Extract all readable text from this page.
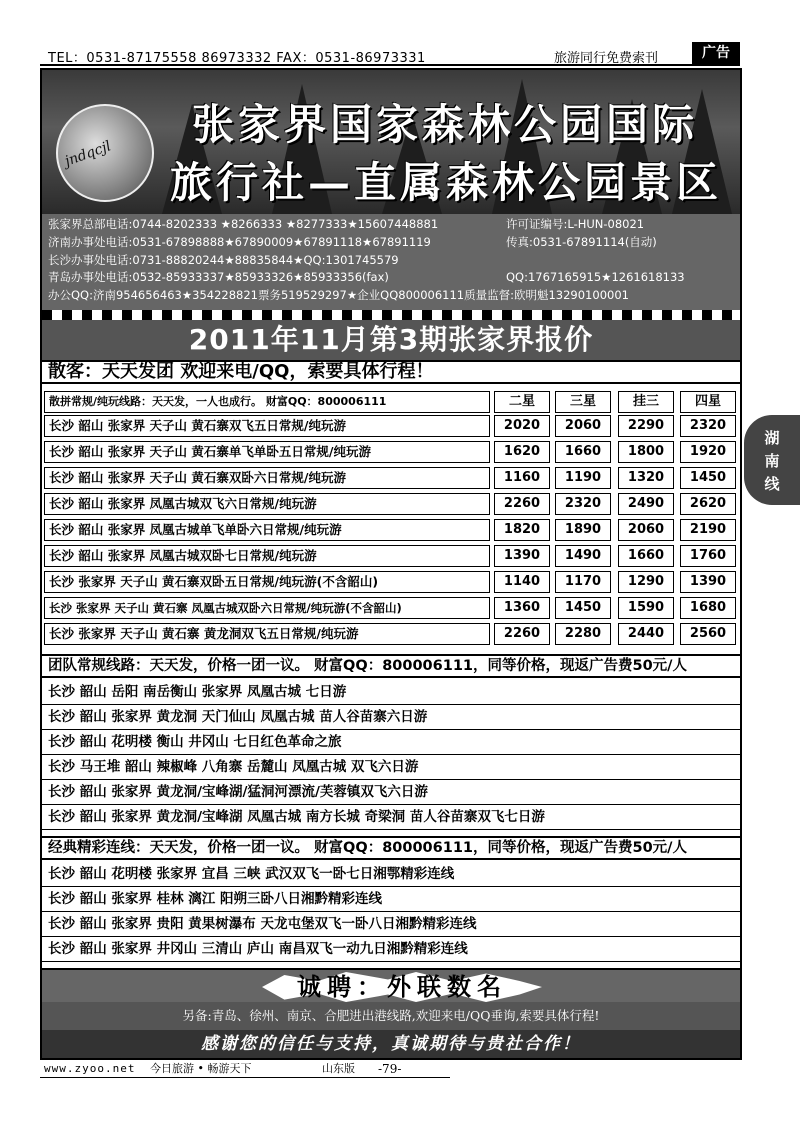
TEL：0531-87175558 86973332 FAX：0531-86973331	旅游同行免费索刊	广告
jndqcjl
张家界国家森林公园国际
旅行社—直属森林公园景区
张家界总部电话:0744-8202333 ★8266333 ★8277333★15607448881	许可证编号:L-HUN-08021
济南办事处电话:0531-67898888★67890009★67891118★67891119	传真:0531-67891114(自动)
长沙办事处电话:0731-88820244★88835844★QQ:1301745579
青岛办事处电话:0532-85933337★85933326★85933356(fax)	QQ:1767165915★1261618133
办公QQ:济南954656463★354228821票务519529297★企业QQ800006111质量监督:欧明魁13290100001
2011年11月第3期张家界报价
散客：天天发团 欢迎来电/QQ，索要具体行程！
散拼常规/纯玩线路：天天发，一人也成行。 财富QQ：800006111	二星	三星	挂三	四星
长沙 韶山 张家界 天子山 黄石寨双飞五日常规/纯玩游	2020	2060	2290	2320
长沙 韶山 张家界 天子山 黄石寨单飞单卧五日常规/纯玩游	1620	1660	1800	1920
长沙 韶山 张家界 天子山 黄石寨双卧六日常规/纯玩游	1160	1190	1320	1450
长沙 韶山 张家界 凤凰古城双飞六日常规/纯玩游	2260	2320	2490	2620
长沙 韶山 张家界 凤凰古城单飞单卧六日常规/纯玩游	1820	1890	2060	2190
长沙 韶山 张家界 凤凰古城双卧七日常规/纯玩游	1390	1490	1660	1760
长沙 张家界 天子山 黄石寨双卧五日常规/纯玩游(不含韶山)	1140	1170	1290	1390
长沙 张家界 天子山 黄石寨 凤凰古城双卧六日常规/纯玩游(不含韶山)	1360	1450	1590	1680
长沙 张家界 天子山 黄石寨 黄龙洞双飞五日常规/纯玩游	2260	2280	2440	2560
团队常规线路：天天发，价格一团一议。 财富QQ：800006111，同等价格，现返广告费50元/人
长沙 韶山 岳阳 南岳衡山 张家界 凤凰古城 七日游
长沙 韶山 张家界 黄龙洞 天门仙山 凤凰古城 苗人谷苗寨六日游
长沙 韶山 花明楼 衡山 井冈山 七日红色革命之旅
长沙 马王堆 韶山 辣椒峰 八角寨 岳麓山 凤凰古城 双飞六日游
长沙 韶山 张家界 黄龙洞/宝峰湖/猛洞河漂流/芙蓉镇双飞六日游
长沙 韶山 张家界 黄龙洞/宝峰湖 凤凰古城 南方长城 奇梁洞 苗人谷苗寨双飞七日游
经典精彩连线：天天发，价格一团一议。 财富QQ：800006111，同等价格，现返广告费50元/人
长沙 韶山 花明楼 张家界 宜昌 三峡 武汉双飞一卧七日湘鄂精彩连线
长沙 韶山 张家界 桂林 漓江 阳朔三卧八日湘黔精彩连线
长沙 韶山 张家界 贵阳 黄果树瀑布 天龙屯堡双飞一卧八日湘黔精彩连线
长沙 韶山 张家界 井冈山 三清山 庐山 南昌双飞一动九日湘黔精彩连线
诚聘：外联数名
另备:青岛、徐州、南京、合肥进出港线路,欢迎来电/QQ垂询,索要具体行程!
感谢您的信任与支持，真诚期待与贵社合作！
www.zyoo.net 今日旅游 • 畅游天下	山东版 -79-
湖
南
线
